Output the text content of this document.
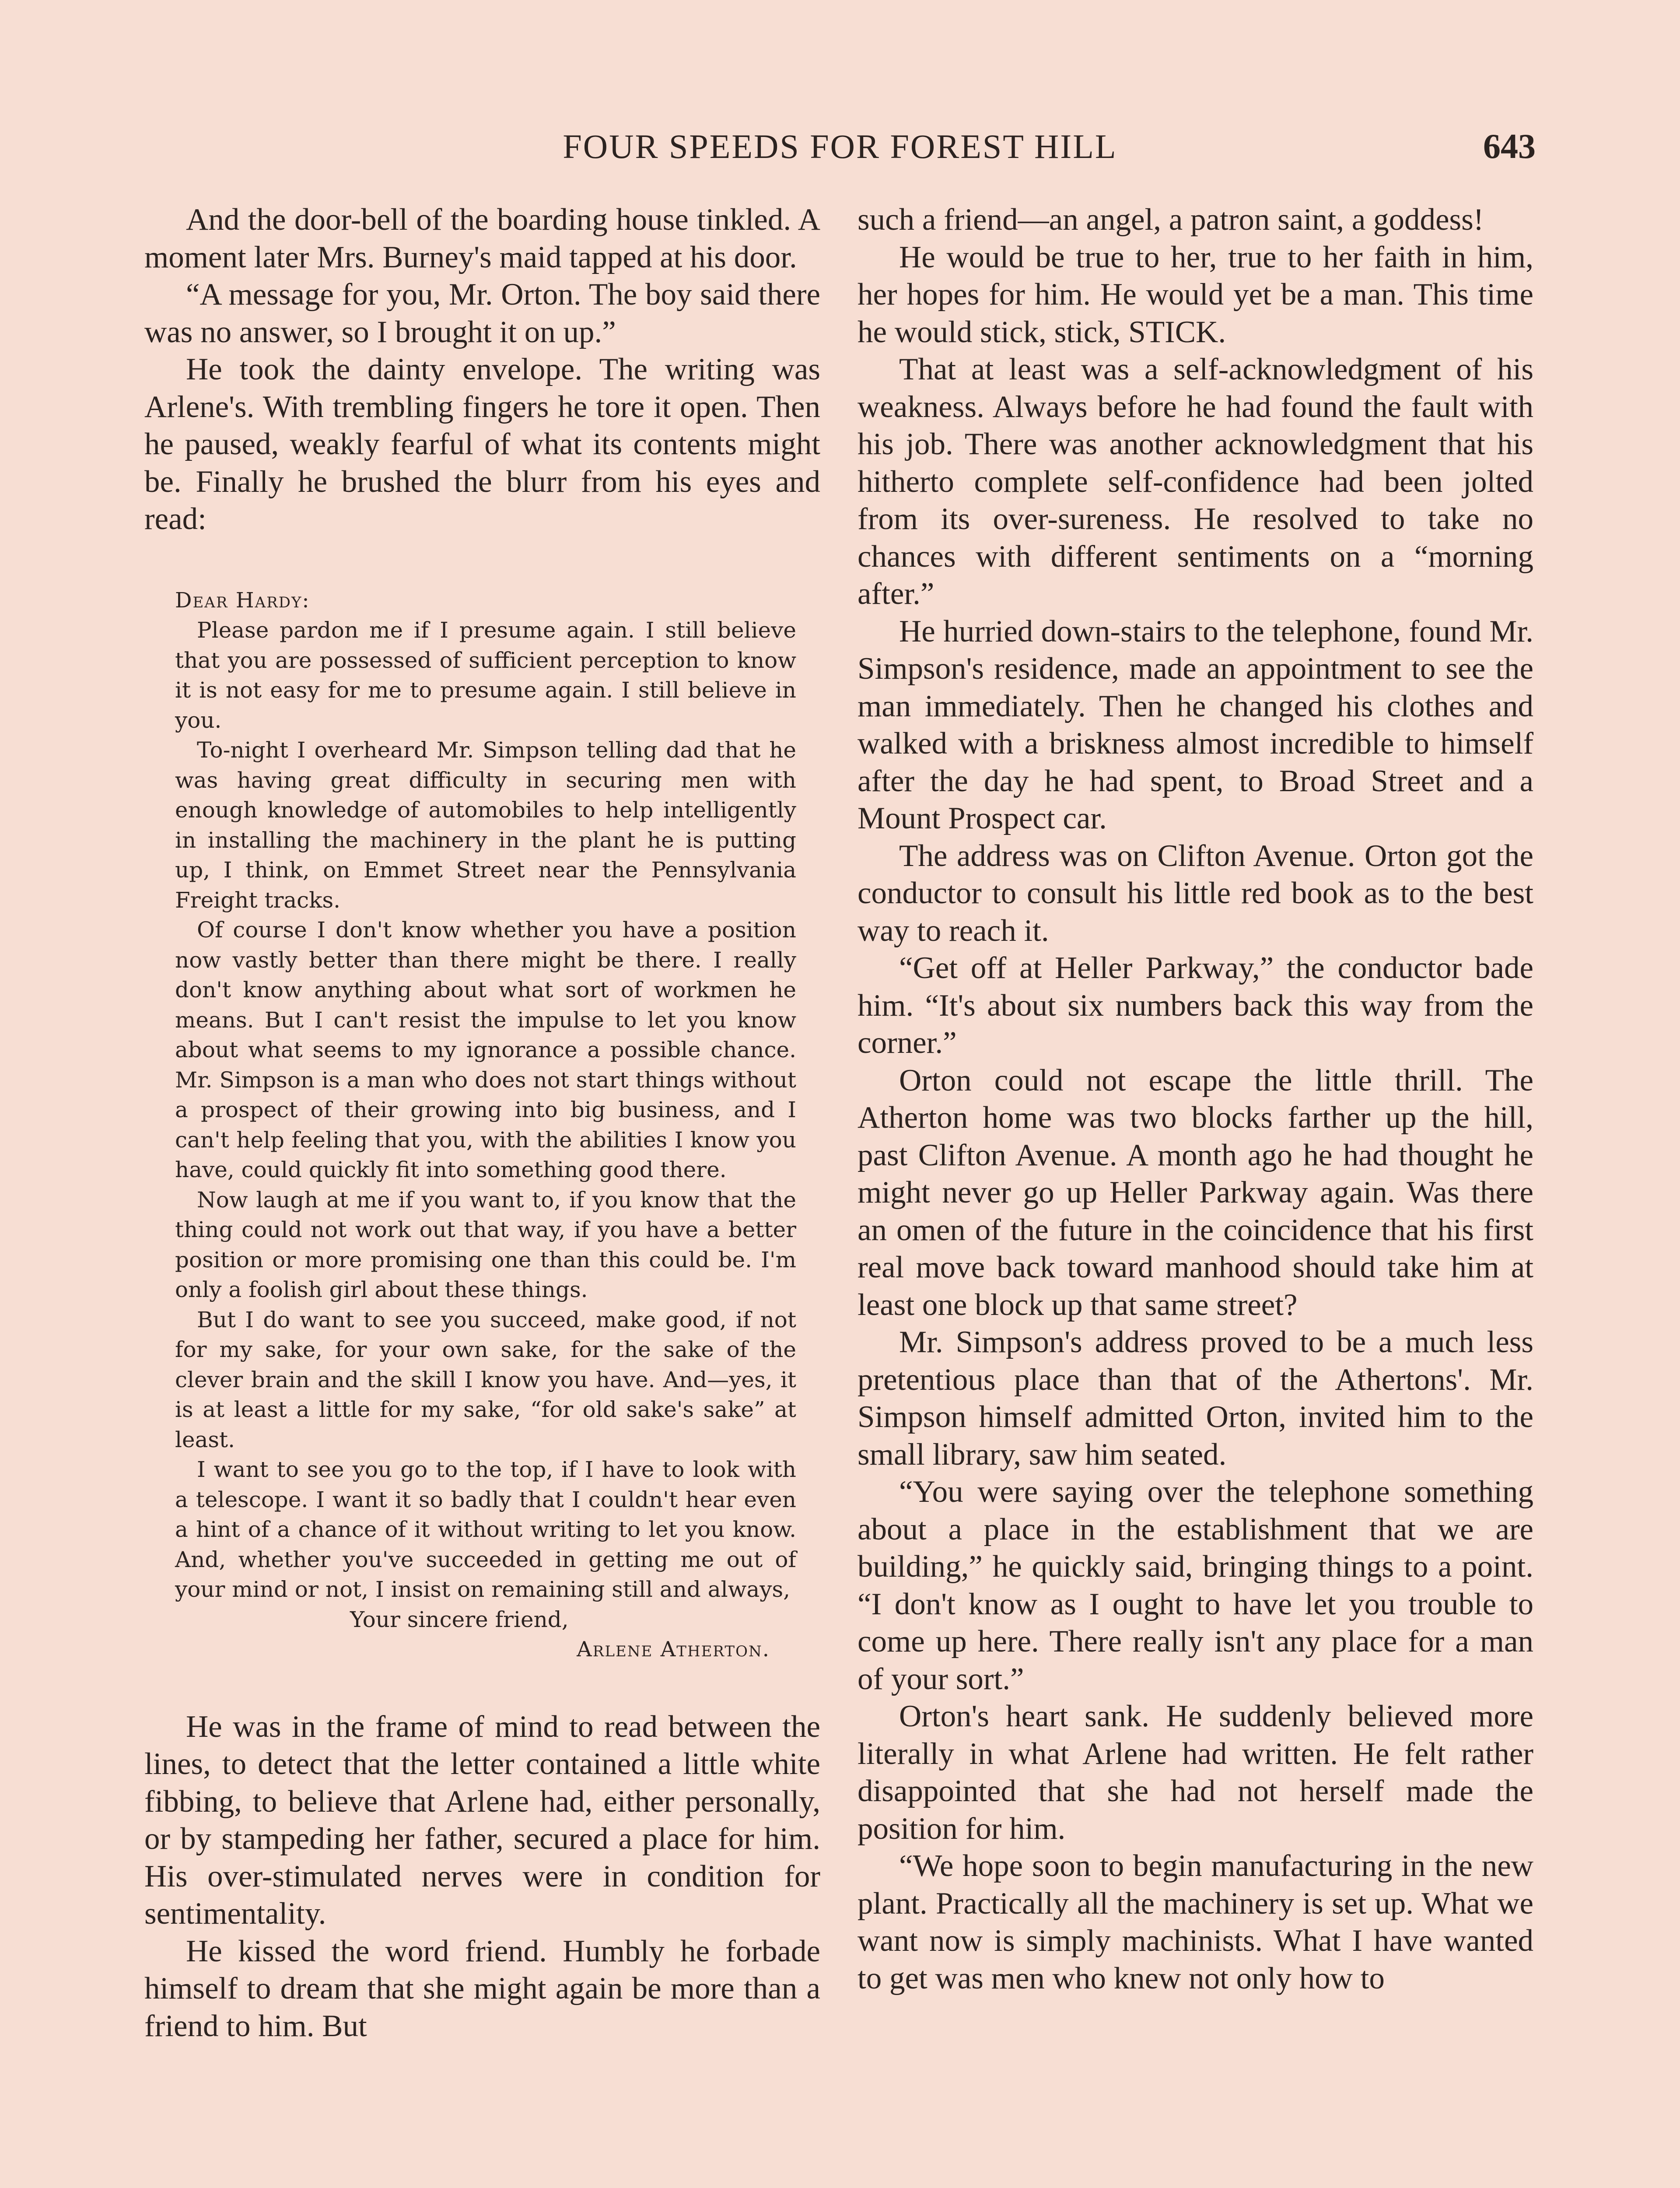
FOUR SPEEDS FOR FOREST HILL	643

And the door-bell of the boarding house tinkled. A moment later Mrs. Burney's maid tapped at his door.

“A message for you, Mr. Orton. The boy said there was no answer, so I brought it on up.”

He took the dainty envelope. The writing was Arlene's. With trembling fingers he tore it open. Then he paused, weakly fearful of what its contents might be. Finally he brushed the blurr from his eyes and read:

Dear Hardy:

Please pardon me if I presume again. I still believe that you are possessed of sufficient perception to know it is not easy for me to presume again. I still believe in you.

To-night I overheard Mr. Simpson telling dad that he was having great difficulty in securing men with enough knowledge of automobiles to help intelligently in installing the machinery in the plant he is putting up, I think, on Emmet Street near the Pennsylvania Freight tracks.

Of course I don't know whether you have a position now vastly better than there might be there. I really don't know anything about what sort of workmen he means. But I can't resist the impulse to let you know about what seems to my ignorance a possible chance. Mr. Simpson is a man who does not start things without a prospect of their growing into big business, and I can't help feeling that you, with the abilities I know you have, could quickly fit into something good there.

Now laugh at me if you want to, if you know that the thing could not work out that way, if you have a better position or more promising one than this could be. I'm only a foolish girl about these things.

But I do want to see you succeed, make good, if not for my sake, for your own sake, for the sake of the clever brain and the skill I know you have. And—yes, it is at least a little for my sake, “for old sake's sake” at least.

I want to see you go to the top, if I have to look with a telescope. I want it so badly that I couldn't hear even a hint of a chance of it without writing to let you know. And, whether you've succeeded in getting me out of your mind or not, I insist on remaining still and always,

Your sincere friend,

Arlene Atherton.

He was in the frame of mind to read between the lines, to detect that the letter contained a little white fibbing, to believe that Arlene had, either personally, or by stampeding her father, secured a place for him. His over-stimulated nerves were in condition for sentimentality.

He kissed the word friend. Humbly he forbade himself to dream that she might again be more than a friend to him. But

such a friend—an angel, a patron saint, a goddess!

He would be true to her, true to her faith in him, her hopes for him. He would yet be a man. This time he would stick, stick, STICK.

That at least was a self-acknowledgment of his weakness. Always before he had found the fault with his job. There was another acknowledgment that his hitherto complete self-confidence had been jolted from its over-sureness. He resolved to take no chances with different sentiments on a “morning after.”

He hurried down-stairs to the telephone, found Mr. Simpson's residence, made an appointment to see the man immediately. Then he changed his clothes and walked with a briskness almost incredible to himself after the day he had spent, to Broad Street and a Mount Prospect car.

The address was on Clifton Avenue. Orton got the conductor to consult his little red book as to the best way to reach it.

“Get off at Heller Parkway,” the conductor bade him. “It's about six numbers back this way from the corner.”

Orton could not escape the little thrill. The Atherton home was two blocks farther up the hill, past Clifton Avenue. A month ago he had thought he might never go up Heller Parkway again. Was there an omen of the future in the coincidence that his first real move back toward manhood should take him at least one block up that same street?

Mr. Simpson's address proved to be a much less pretentious place than that of the Athertons'. Mr. Simpson himself admitted Orton, invited him to the small library, saw him seated.

“You were saying over the telephone something about a place in the establishment that we are building,” he quickly said, bringing things to a point. “I don't know as I ought to have let you trouble to come up here. There really isn't any place for a man of your sort.”

Orton's heart sank. He suddenly believed more literally in what Arlene had written. He felt rather disappointed that she had not herself made the position for him.

“We hope soon to begin manufacturing in the new plant. Practically all the machinery is set up. What we want now is simply machinists. What I have wanted to get was men who knew not only how to
